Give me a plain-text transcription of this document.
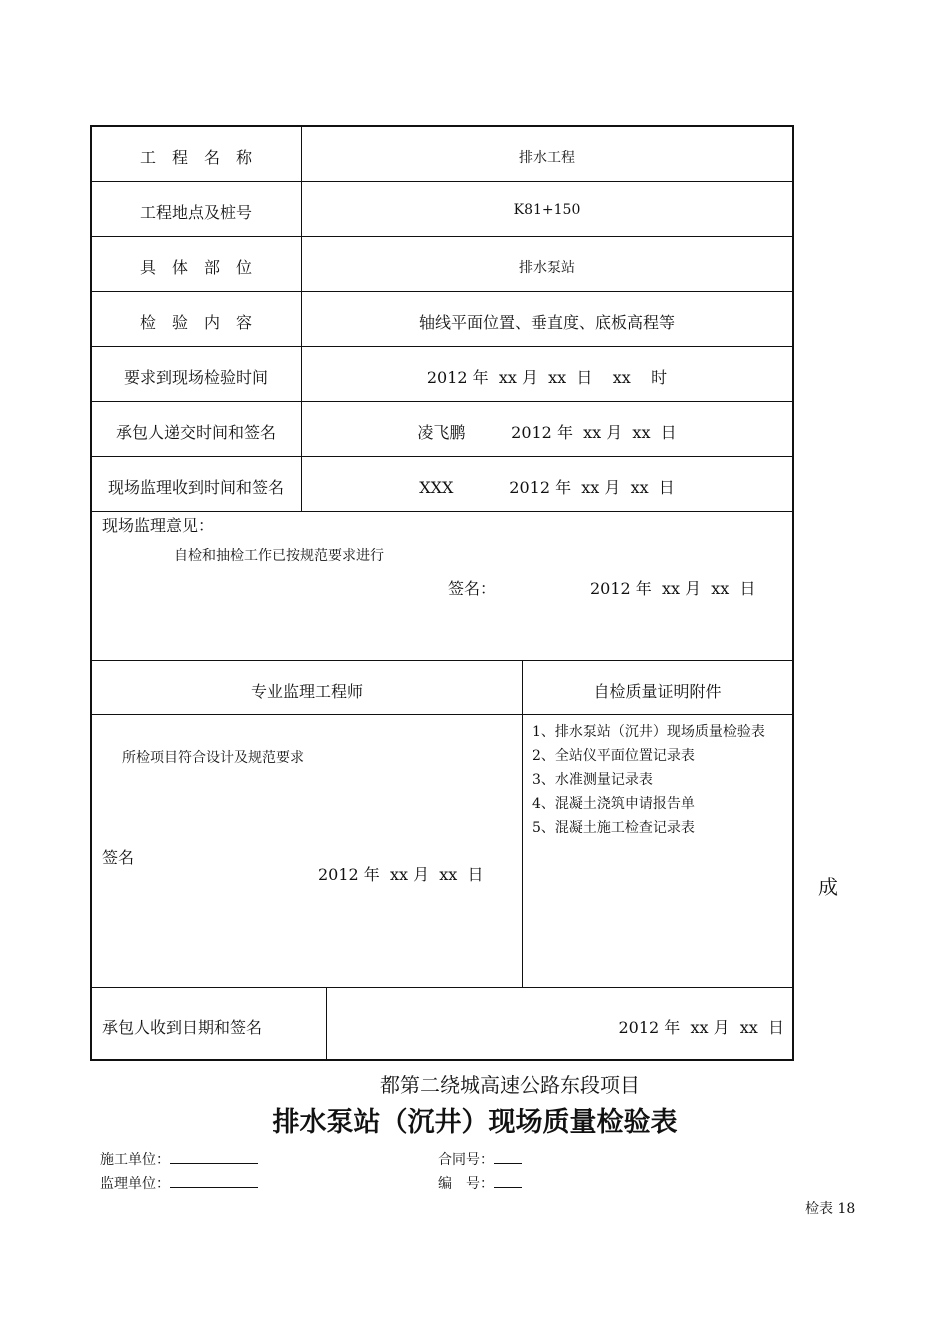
工　程　名　称	排水工程
工程地点及桩号	K81+150
具　体　部　位	排水泵站
检　验　内　容	轴线平面位置、垂直度、底板高程等
要求到现场检验时间	2012 年  xx 月  xx  日    xx    时
承包人递交时间和签名	凌飞鹏         2012 年  xx 月  xx  日
现场监理收到时间和签名	XXX           2012 年  xx 月  xx  日
现场监理意见：
自检和抽检工作已按规范要求进行
签名：	2012 年  xx 月  xx  日
专业监理工程师	自检质量证明附件
所检项目符合设计及规范要求
签名
2012 年  xx 月  xx  日
1、排水泵站（沉井）现场质量检验表
2、全站仪平面位置记录表
3、水准测量记录表
4、混凝土浇筑申请报告单
5、混凝土施工检查记录表
承包人收到日期和签名	2012 年  xx 月  xx  日
成
都第二绕城高速公路东段项目
排水泵站（沉井）现场质量检验表
施工单位：	合同号：
监理单位：	编　号：
检表 18
